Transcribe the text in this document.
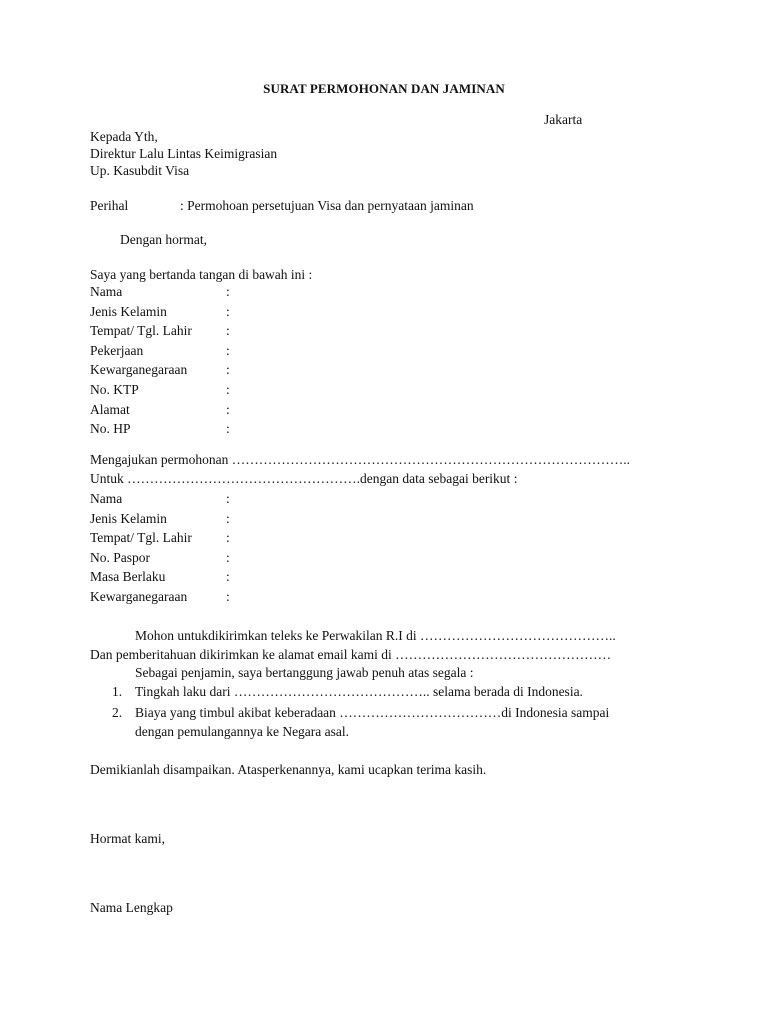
SURAT PERMOHONAN DAN JAMINAN
Jakarta
Kepada Yth,
Direktur Lalu Lintas Keimigrasian
Up. Kasubdit Visa
Perihal	: Permohoan persetujuan Visa dan pernyataan jaminan
Dengan hormat,
Saya yang bertanda tangan di bawah ini :
Nama	:
Jenis Kelamin	:
Tempat/ Tgl. Lahir	:
Pekerjaan	:
Kewarganegaraan	:
No. KTP	:
Alamat	:
No. HP	:
Mengajukan permohonan ……………………………………………………………………………..
Untuk …………………………………………….dengan data sebagai berikut :
Nama	:
Jenis Kelamin	:
Tempat/ Tgl. Lahir	:
No. Paspor	:
Masa Berlaku	:
Kewarganegaraan	:
Mohon untukdikirimkan teleks ke Perwakilan R.I di ……………………………………..
Dan pemberitahuan dikirimkan ke alamat email kami di …………………………………………
Sebagai penjamin, saya bertanggung jawab penuh atas segala :
1. Tingkah laku dari …………………………………….. selama berada di Indonesia.
2. Biaya yang timbul akibat keberadaan ………………………………di Indonesia sampai
dengan pemulangannya ke Negara asal.
Demikianlah disampaikan. Atasperkenannya, kami ucapkan terima kasih.
Hormat kami,
Nama Lengkap
